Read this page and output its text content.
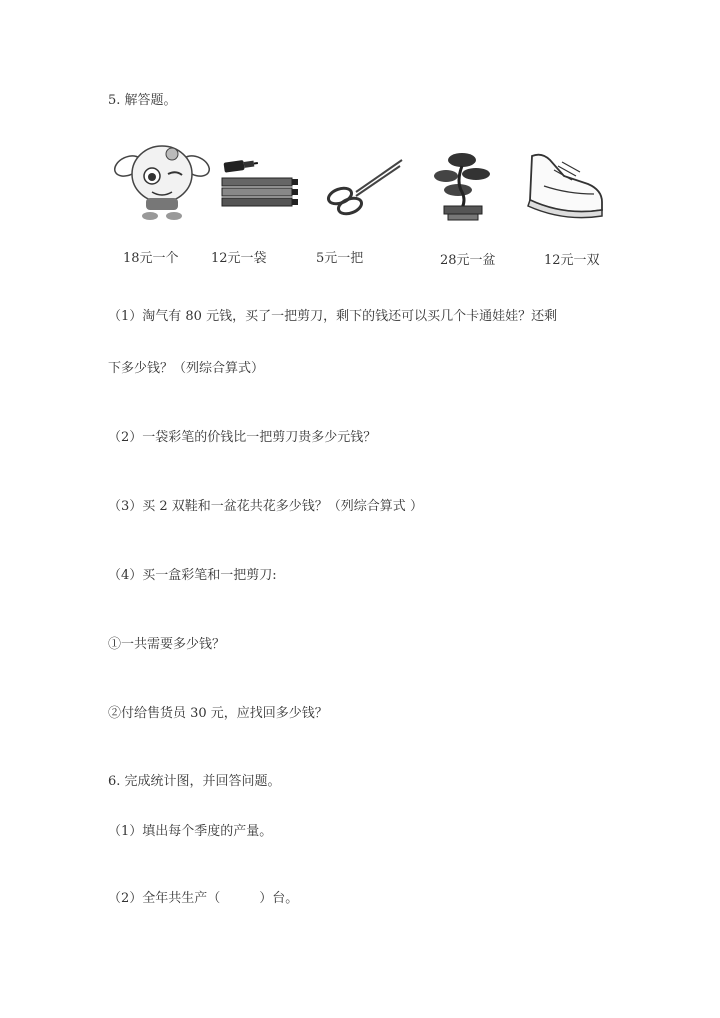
5. 解答题。
18元一个 12元一袋	5元一把	28元一盆	12元一双
（1）淘气有 80 元钱，买了一把剪刀，剩下的钱还可以买几个卡通娃娃？还剩
下多少钱？（列综合算式）
（2）一袋彩笔的价钱比一把剪刀贵多少元钱？
（3）买 2 双鞋和一盆花共花多少钱？（列综合算式 ）
（4）买一盒彩笔和一把剪刀:
①一共需要多少钱？
②付给售货员 30 元，应找回多少钱？
6. 完成统计图，并回答问题。
（1）填出每个季度的产量。
（2）全年共生产（　　　）台。
